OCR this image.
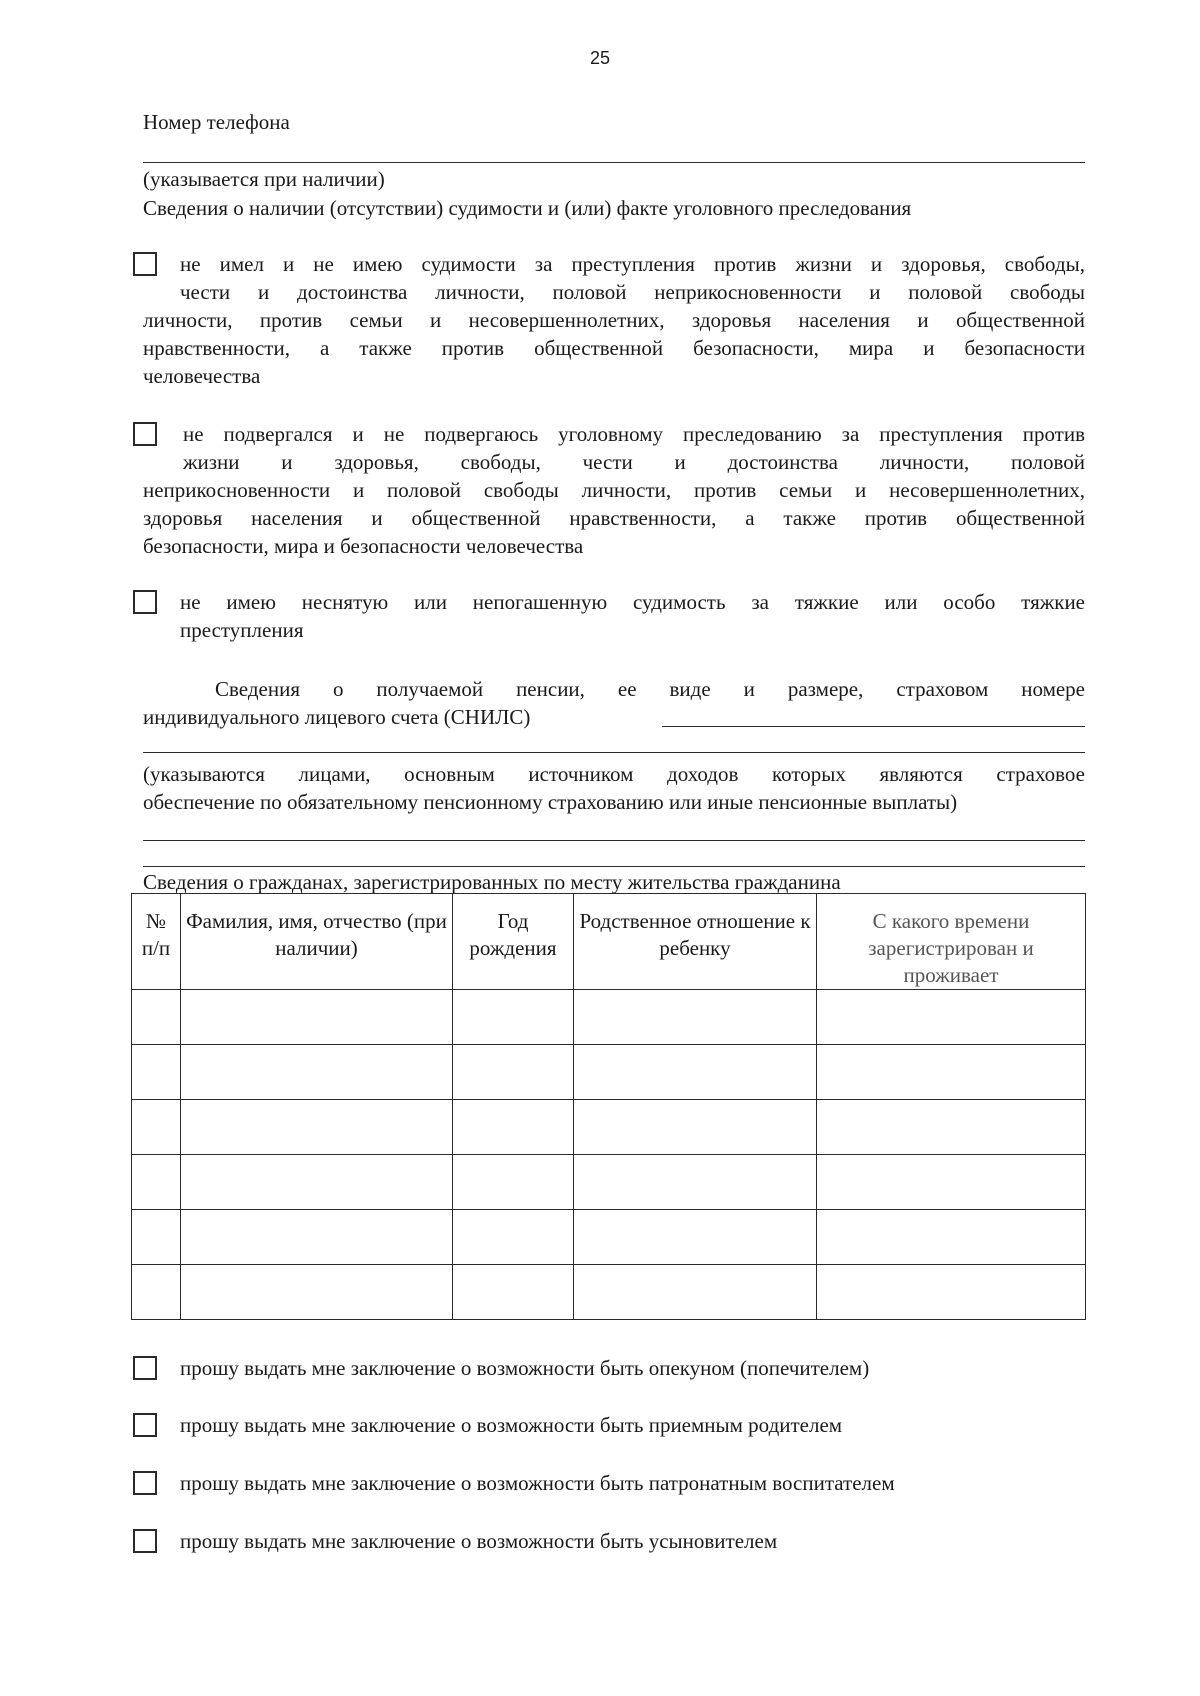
25
Номер телефона
(указывается при наличии)
Сведения о наличии (отсутствии) судимости и (или) факте уголовного преследования
не имел и не имею судимости за преступления против жизни и здоровья, свободы,
чести и достоинства личности, половой неприкосновенности и половой свободы
личности, против семьи и несовершеннолетних, здоровья населения и общественной
нравственности, а также против общественной безопасности, мира и безопасности
человечества
не подвергался и не подвергаюсь уголовному преследованию за преступления против
жизни и здоровья, свободы, чести и достоинства личности, половой
неприкосновенности и половой свободы личности, против семьи и несовершеннолетних,
здоровья населения и общественной нравственности, а также против общественной
безопасности, мира и безопасности человечества
не имею неснятую или непогашенную судимость за тяжкие или особо тяжкие
преступления
Сведения о получаемой пенсии, ее виде и размере, страховом номере
индивидуального лицевого счета (СНИЛС)
(указываются лицами, основным источником доходов которых являются страховое
обеспечение по обязательному пенсионному страхованию или иные пенсионные выплаты)
Сведения о гражданах, зарегистрированных по месту жительства гражданина
№ п/п	Фамилия, имя, отчество (при наличии)	Год рождения	Родственное отношение к ребенку	С какого времени зарегистрирован и проживает

прошу выдать мне заключение о возможности быть опекуном (попечителем)
прошу выдать мне заключение о возможности быть приемным родителем
прошу выдать мне заключение о возможности быть патронатным воспитателем
прошу выдать мне заключение о возможности быть усыновителем
